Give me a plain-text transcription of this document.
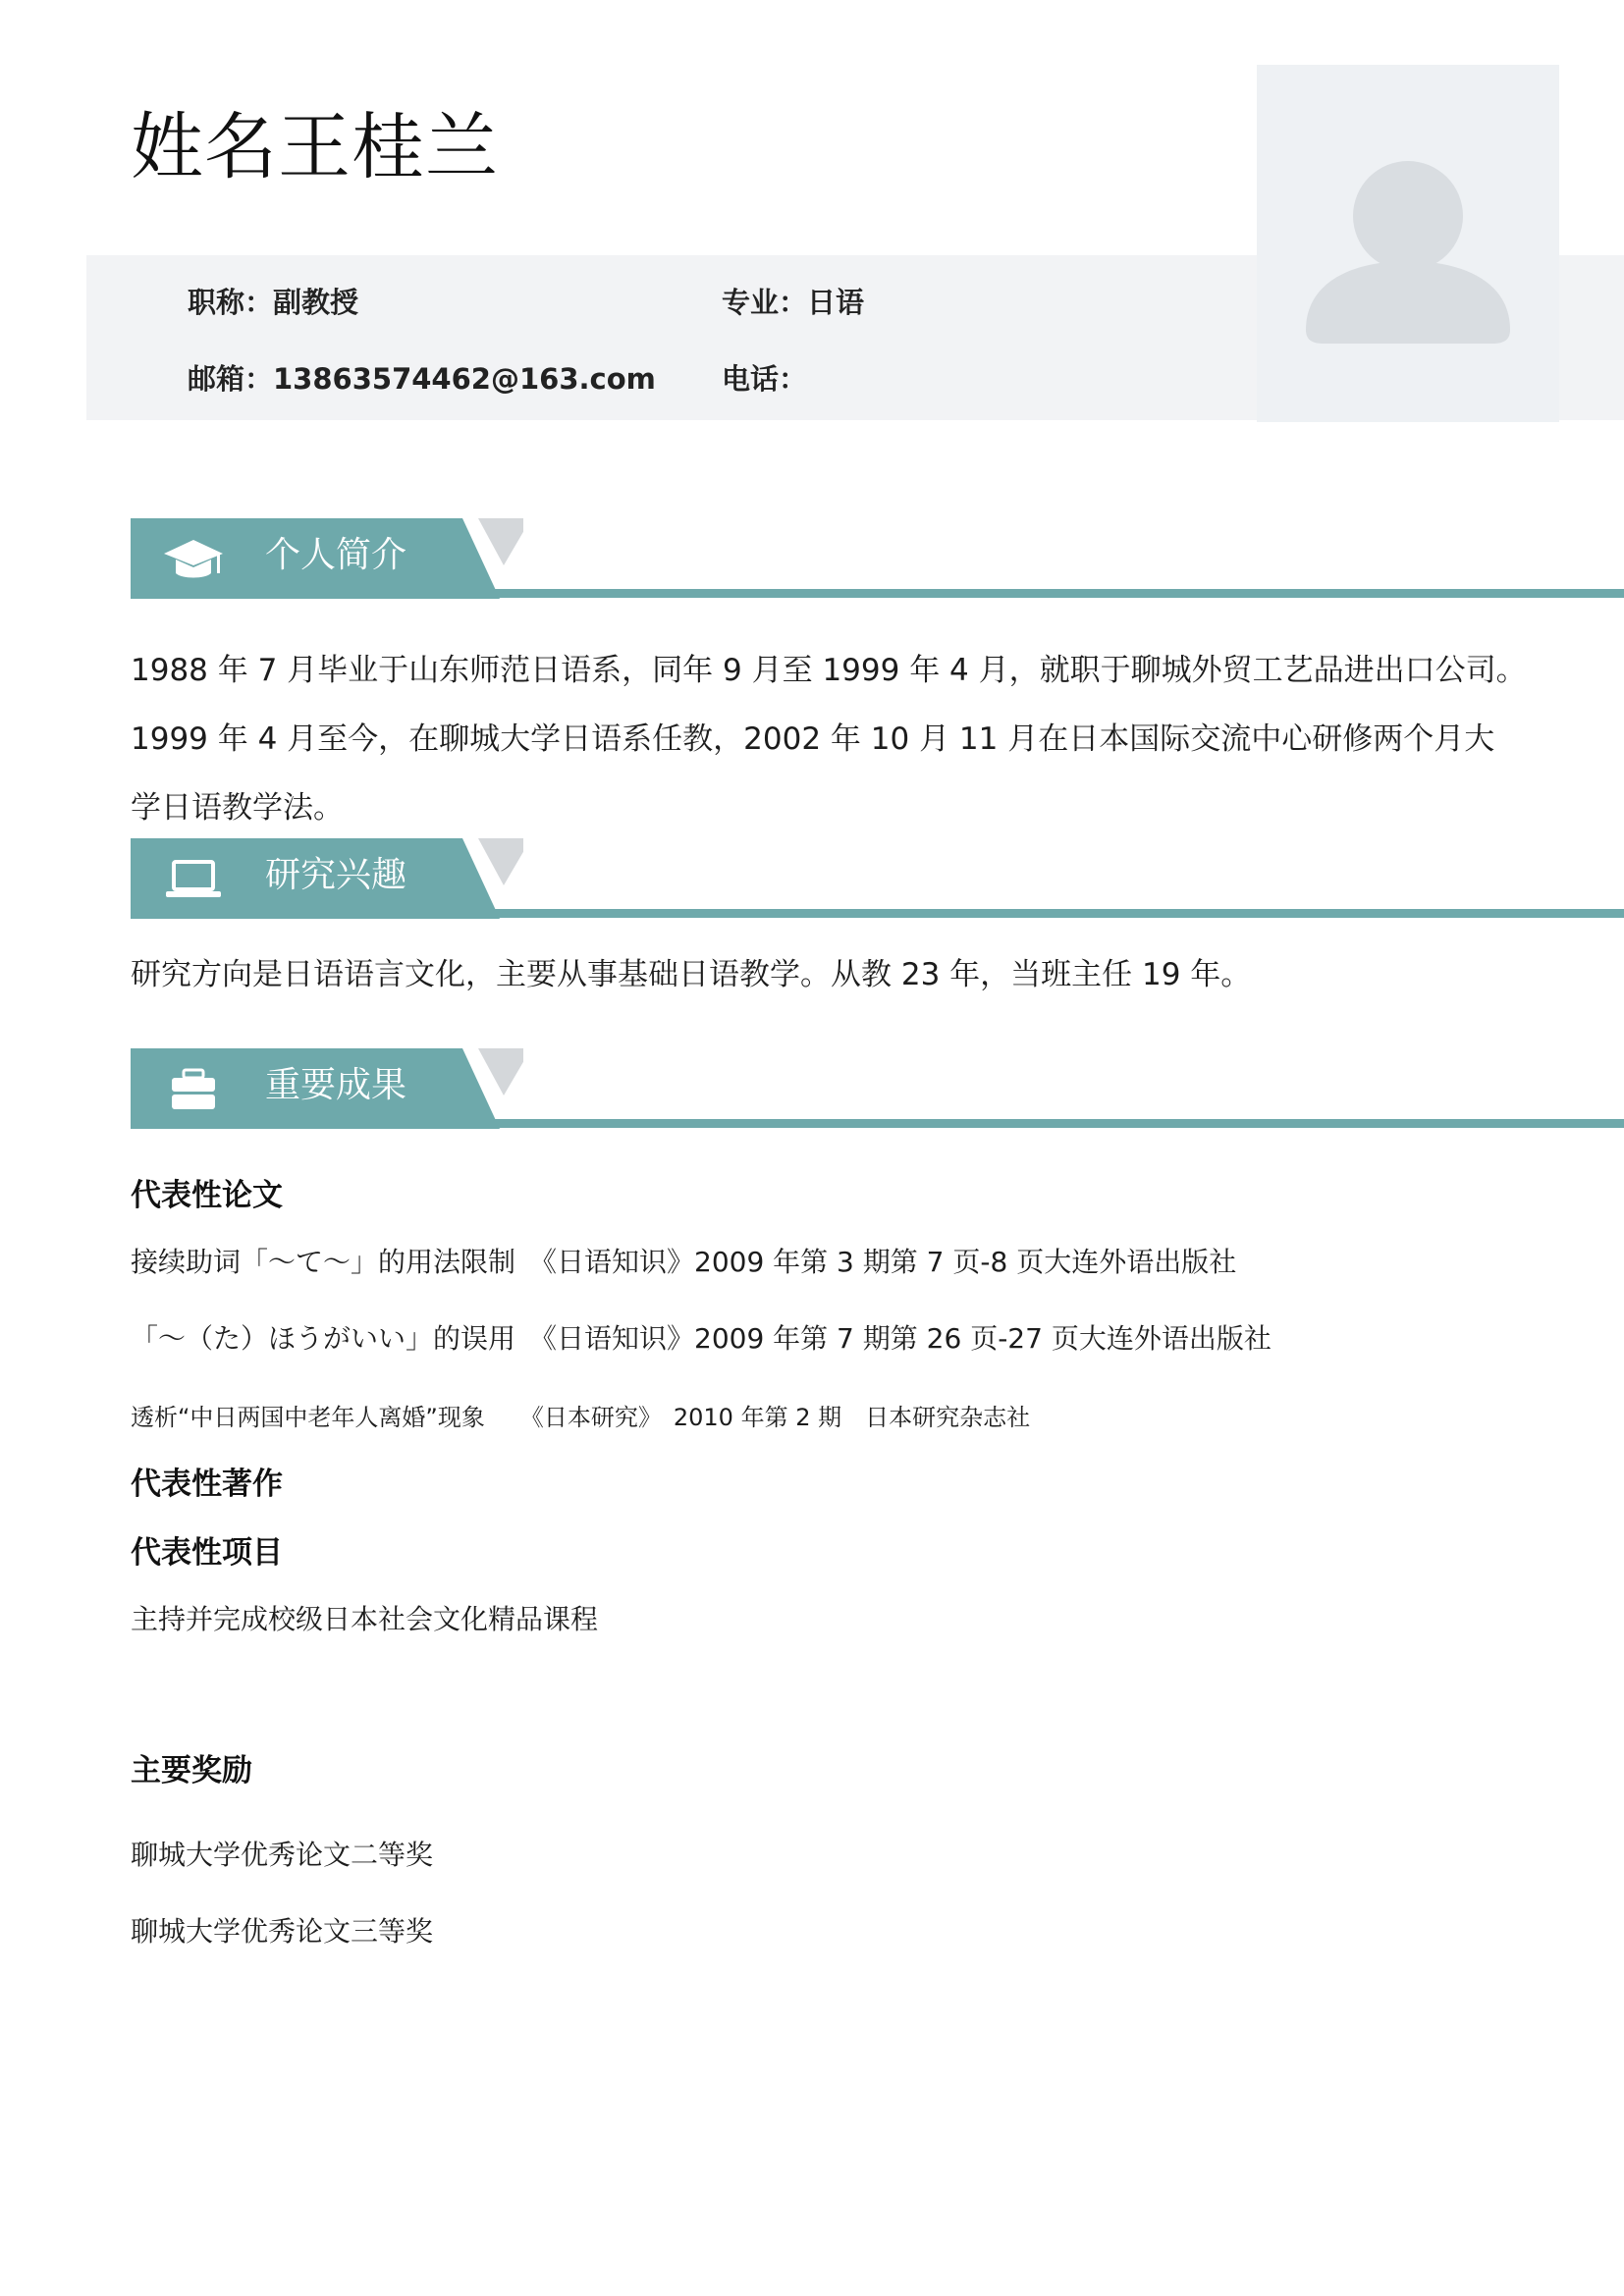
姓名王桂兰
职称：副教授	专业：日语
邮箱：13863574462@163.com 电话：
个人简介
1988 年 7 月毕业于山东师范日语系，同年 9 月至 1999 年 4 月，就职于聊城外贸工艺品进出口公司。
1999 年 4 月至今，在聊城大学日语系任教，2002 年 10 月 11 月在日本国际交流中心研修两个月大
学日语教学法。
研究兴趣
研究方向是日语语言文化，主要从事基础日语教学。从教 23 年，当班主任 19 年。
重要成果
代表性论文
接续助词「～て～」的用法限制　《日语知识》2009 年第 3 期第 7 页-8 页大连外语出版社
「～（た）ほうがいい」的误用　《日语知识》2009 年第 7 期第 26 页-27 页大连外语出版社
透析“中日两国中老年人离婚”现象　　《日本研究》　2010 年第 2 期　日本研究杂志社
代表性著作
代表性项目
主持并完成校级日本社会文化精品课程
主要奖励
聊城大学优秀论文二等奖
聊城大学优秀论文三等奖
